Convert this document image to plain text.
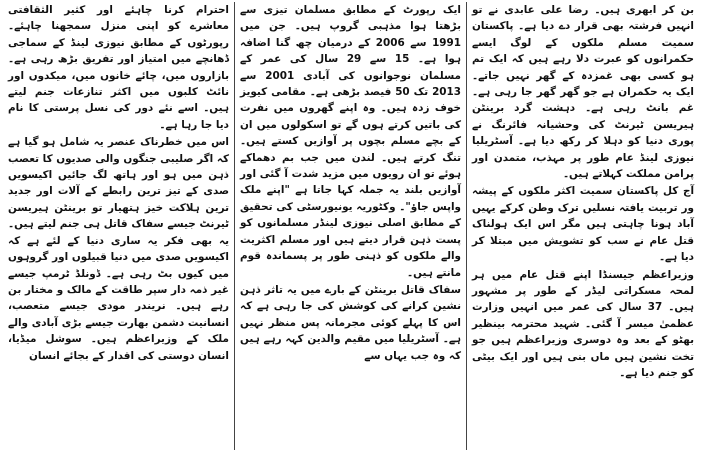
بن کر ابھری ہیں۔ رضا علی عابدی نے تو انہیں فرشتہ بھی قرار دے دیا ہے۔ پاکستان سمیت مسلم ملکوں کے لوگ ایسے حکمرانوں کو عبرت دلا رہے ہیں کہ ایک تم ہو کسی بھی غمزدہ کے گھر نہیں جاتے۔ ایک یہ حکمران ہے جو گھر گھر جا رہی ہے۔ غم بانٹ رہی ہے۔ دہشت گرد برینٹن ہیریسن ٹیرنٹ کی وحشیانہ فائرنگ نے پوری دنیا کو دہلا کر رکھ دیا ہے۔ آسٹریلیا نیوزی لینڈ عام طور پر مہذب، متمدن اور پرامن مملکت کہلاتے ہیں۔

آج کل پاکستان سمیت اکثر ملکوں کے پیشہ ور تربیت یافتہ نسلیں ترک وطن کرکے یہیں آباد ہونا چاہتی ہیں مگر اس ایک ہولناک قتل عام نے سب کو تشویش میں مبتلا کر دیا ہے۔

وزیراعظم جیسنڈا اپنے قتل عام میں ہر لمحہ مسکراتی لیڈر کے طور پر مشہور ہیں۔ 37 سال کی عمر میں انہیں وزارت عظمیٰ میسر آ گئی۔ شہید محترمہ بینظیر بھٹو کے بعد وہ دوسری وزیراعظم ہیں جو تخت نشین ہیں ماں بنی ہیں اور ایک بیٹی کو جنم دیا ہے۔

ایک رپورٹ کے مطابق مسلمان تیزی سے بڑھتا ہوا مذہبی گروپ ہیں۔ جن میں 1991 سے 2006 کے درمیان چھ گنا اضافہ ہوا ہے۔ 15 سے 29 سال کی عمر کے مسلمان نوجوانوں کی آبادی 2001 سے 2013 تک 50 فیصد بڑھی ہے۔ مقامی کیویز خوف زدہ ہیں۔ وہ اپنے گھروں میں نفرت کی باتیں کرتے ہوں گے تو اسکولوں میں ان کے بچے مسلم بچوں پر آوازیں کستے ہیں۔ تنگ کرتے ہیں۔ لندن میں جب بم دھماکے ہوئے تو ان رویوں میں مزید شدت آ گئی اور آوازیں بلند یہ جملہ کہا جاتا ہے "اپنے ملک واپس جاؤ"۔ وکٹوریہ یونیورسٹی کی تحقیق کے مطابق اصلی نیوزی لینڈر مسلمانوں کو پست ذہن قرار دیتے ہیں اور مسلم اکثریت والے ملکوں کو ذہنی طور پر پسماندہ قوم مانتے ہیں۔

سفاک قاتل برینٹن کے بارے میں یہ تاثر ذہن نشین کرانے کی کوشش کی جا رہی ہے کہ اس کا پہلے کوئی مجرمانہ پس منظر نہیں ہے۔ آسٹریلیا میں مقیم والدین کہہ رہے ہیں کہ وہ جب یہاں سے

احترام کرنا چاہئے اور کثیر الثقافتی معاشرے کو اپنی منزل سمجھنا چاہئے۔ رپورٹوں کے مطابق نیوزی لینڈ کے سماجی ڈھانچے میں امتیاز اور تفریق بڑھ رہی ہے۔ بازاروں میں، چائے خانوں میں، میکدوں اور نائٹ کلبوں میں اکثر تنازعات جنم لیتے ہیں۔ اسے نئے دور کی نسل پرستی کا نام دیا جا رہا ہے۔

اس میں خطرناک عنصر یہ شامل ہو گیا ہے کہ اگر صلیبی جنگوں والی صدیوں کا تعصب ذہن میں ہو اور ہاتھ لگ جائیں اکیسویں صدی کے تیز ترین رابطے کے آلات اور جدید ترین ہلاکت خیز ہتھیار تو برینٹن ہیریسن ٹیرنٹ جیسے سفاک قاتل ہی جنم لیتے ہیں۔ یہ بھی فکر یہ ساری دنیا کے لئے ہے کہ اکیسویں صدی میں دنیا قبیلوں اور گروہوں میں کیوں بٹ رہی ہے۔ ڈونلڈ ٹرمپ جیسے غیر ذمہ دار سپر طاقت کے مالک و مختار بن رہے ہیں۔ نریندر مودی جیسے متعصب، انسانیت دشمن بھارت جیسے بڑی آبادی والے ملک کے وزیراعظم ہیں۔ سوشل میڈیا، انسان دوستی کی اقدار کے بجائے انسان
